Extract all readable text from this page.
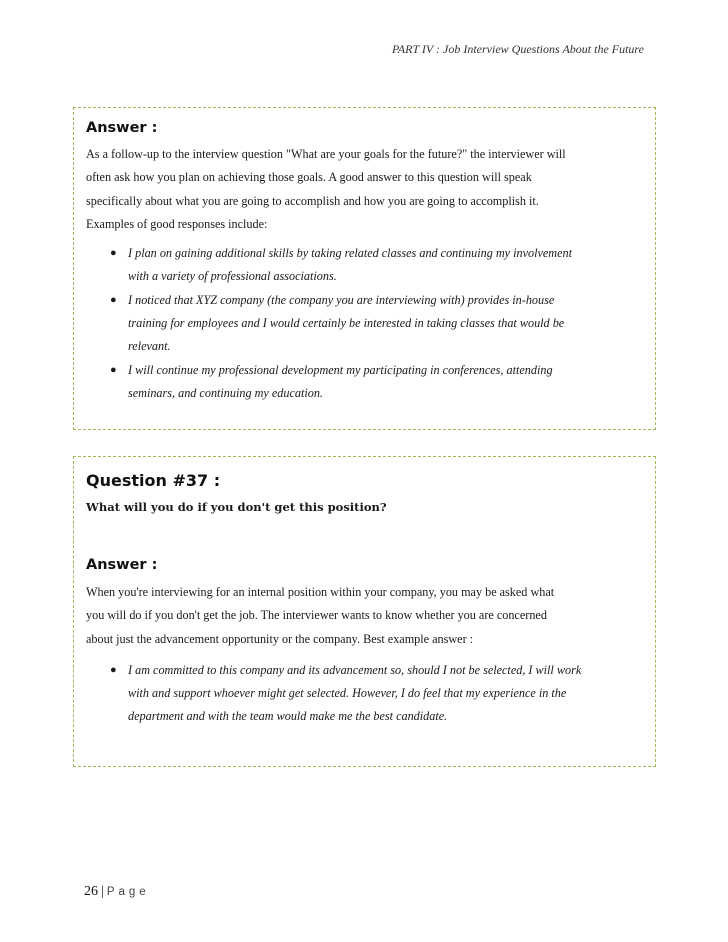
PART IV : Job Interview Questions About the Future
Answer :

As a follow-up to the interview question "What are your goals for the future?" the interviewer will
often ask how you plan on achieving those goals. A good answer to this question will speak
specifically about what you are going to accomplish and how you are going to accomplish it.
Examples of good responses include:

● I plan on gaining additional skills by taking related classes and continuing my involvement
with a variety of professional associations.
● I noticed that XYZ company (the company you are interviewing with) provides in-house
training for employees and I would certainly be interested in taking classes that would be
relevant.
● I will continue my professional development my participating in conferences, attending
seminars, and continuing my education.
Question #37 :

What will you do if you don't get this position?

Answer :

When you're interviewing for an internal position within your company, you may be asked what
you will do if you don't get the job. The interviewer wants to know whether you are concerned
about just the advancement opportunity or the company. Best example answer :

● I am committed to this company and its advancement so, should I not be selected, I will work
with and support whoever might get selected. However, I do feel that my experience in the
department and with the team would make me the best candidate.
26 | Page
